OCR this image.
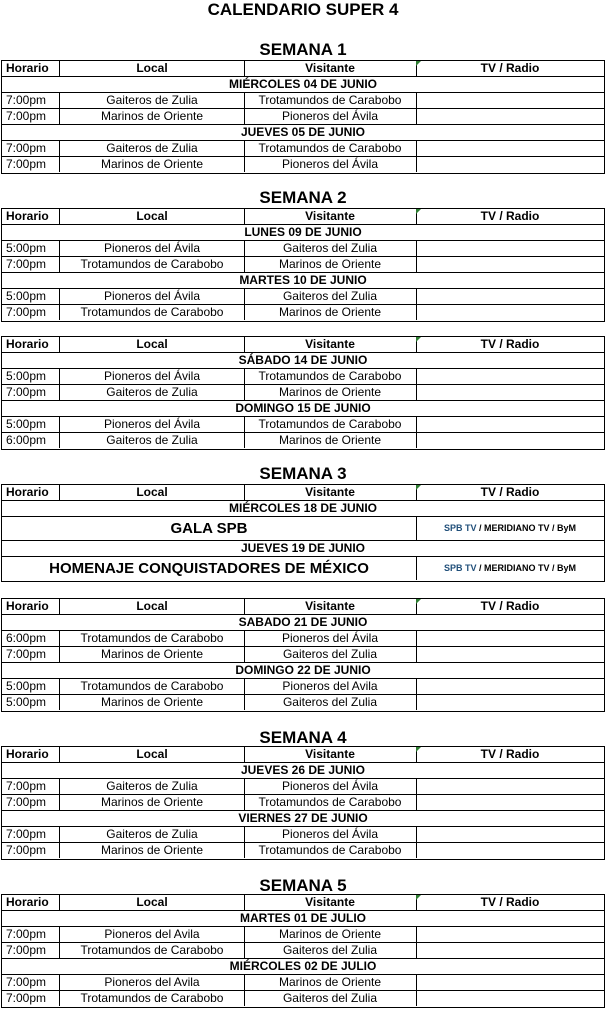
CALENDARIO SUPER 4
SEMANA 1
SEMANA 2
SEMANA 3
SEMANA 4
SEMANA 5
Horario	Local	Visitante	TV / Radio
MIÉRCOLES 04 DE JUNIO
7:00pm	Gaiteros de Zulia	Trotamundos de Carabobo
7:00pm	Marinos de Oriente	Pioneros del Ávila
JUEVES 05 DE JUNIO
7:00pm	Gaiteros de Zulia	Trotamundos de Carabobo
7:00pm	Marinos de Oriente	Pioneros del Ávila
Horario	Local	Visitante	TV / Radio
LUNES 09 DE JUNIO
5:00pm	Pioneros del Ávila	Gaiteros del Zulia
7:00pm	Trotamundos de Carabobo	Marinos de Oriente
MARTES 10 DE JUNIO
5:00pm	Pioneros del Ávila	Gaiteros del Zulia
7:00pm	Trotamundos de Carabobo	Marinos de Oriente
Horario	Local	Visitante	TV / Radio
SÁBADO 14 DE JUNIO
5:00pm	Pioneros del Ávila	Trotamundos de Carabobo
7:00pm	Gaiteros de Zulia	Marinos de Oriente
DOMINGO 15 DE JUNIO
5:00pm	Pioneros del Ávila	Trotamundos de Carabobo
6:00pm	Gaiteros de Zulia	Marinos de Oriente
Horario	Local	Visitante	TV / Radio
MIÉRCOLES 18 DE JUNIO
GALA SPB	SPB TV / MERIDIANO TV / ByM
JUEVES 19 DE JUNIO
HOMENAJE CONQUISTADORES DE MÉXICO	SPB TV / MERIDIANO TV / ByM
Horario	Local	Visitante	TV / Radio
SABADO 21 DE JUNIO
6:00pm	Trotamundos de Carabobo	Pioneros del Ávila
7:00pm	Marinos de Oriente	Gaiteros del Zulia
DOMINGO 22 DE JUNIO
5:00pm	Trotamundos de Carabobo	Pioneros del Avila
5:00pm	Marinos de Oriente	Gaiteros del Zulia
Horario	Local	Visitante	TV / Radio
JUEVES 26 DE JUNIO
7:00pm	Gaiteros de Zulia	Pioneros del Ávila
7:00pm	Marinos de Oriente	Trotamundos de Carabobo
VIERNES 27 DE JUNIO
7:00pm	Gaiteros de Zulia	Pioneros del Ávila
7:00pm	Marinos de Oriente	Trotamundos de Carabobo
Horario	Local	Visitante	TV / Radio
MARTES 01 DE JULIO
7:00pm	Pioneros del Avila	Marinos de Oriente
7:00pm	Trotamundos de Carabobo	Gaiteros del Zulia
MIÉRCOLES 02 DE JULIO
7:00pm	Pioneros del Avila	Marinos de Oriente
7:00pm	Trotamundos de Carabobo	Gaiteros del Zulia
